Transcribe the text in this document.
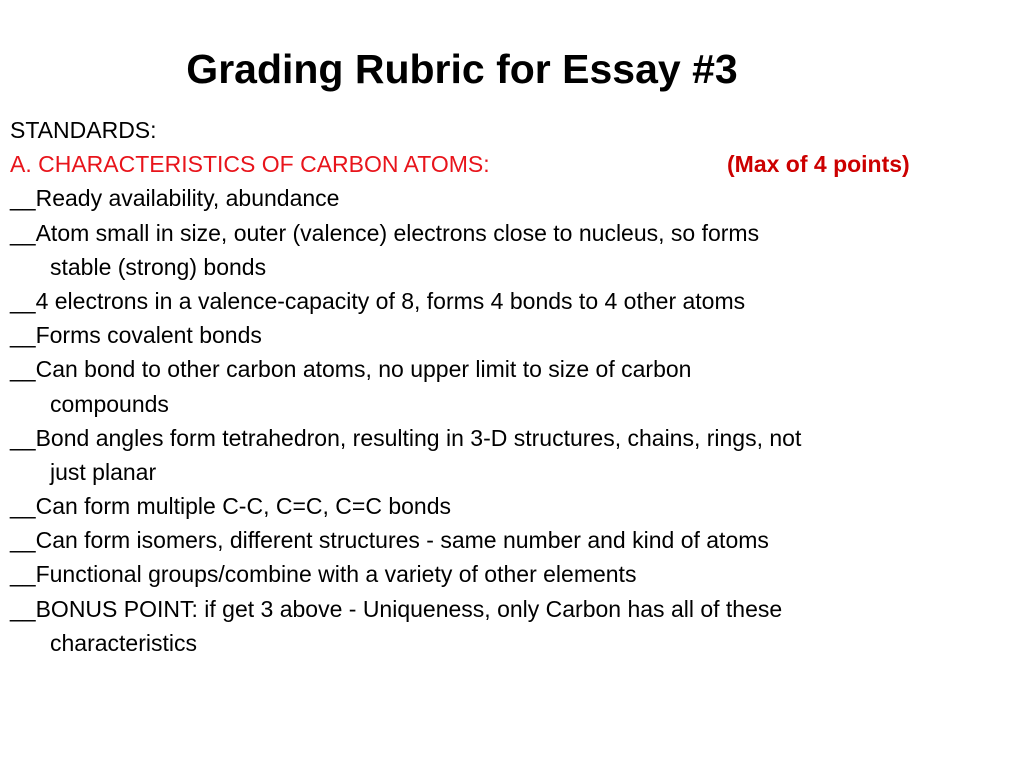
Grading Rubric for Essay #3
STANDARDS:
A. CHARACTERISTICS OF CARBON ATOMS:	(Max of 4 points)
__Ready availability, abundance
__Atom small in size, outer (valence) electrons close to nucleus, so forms
stable (strong) bonds
__4 electrons in a valence-capacity of 8, forms 4 bonds to 4 other atoms
__Forms covalent bonds
__Can bond to other carbon atoms, no upper limit to size of carbon
compounds
__Bond angles form tetrahedron, resulting in 3-D structures, chains, rings, not
just planar
__Can form multiple C-C, C=C, C=C bonds
__Can form isomers, different structures - same number and kind of atoms
__Functional groups/combine with a variety of other elements
__BONUS POINT: if get 3 above - Uniqueness, only Carbon has all of these
characteristics
